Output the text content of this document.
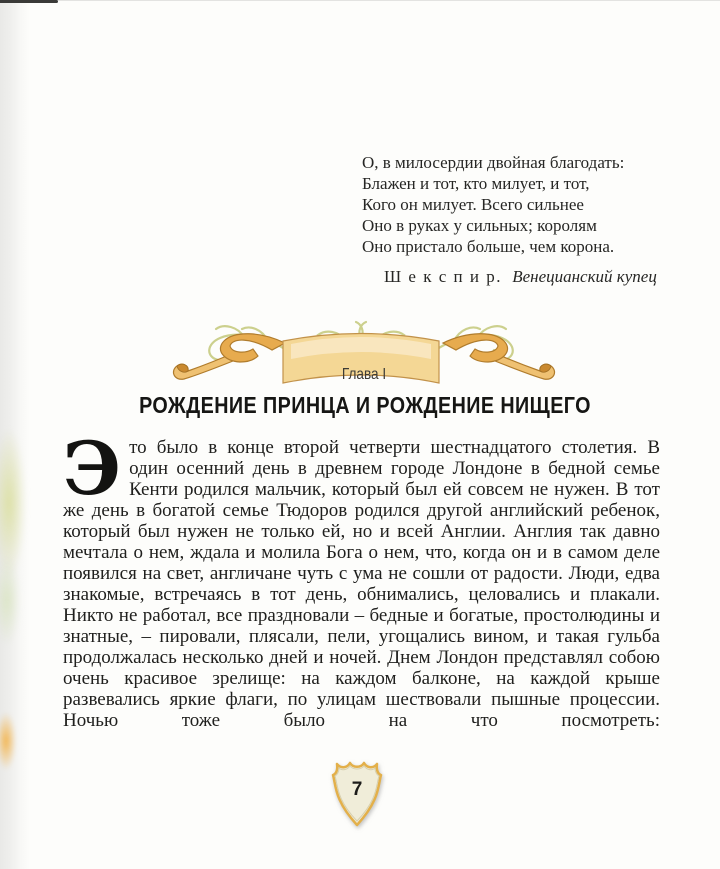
О, в милосердии двойная благодать:
Блажен и тот, кто милует, и тот,
Кого он милует. Всего сильнее
Оно в руках у сильных; королям
Оно пристало больше, чем корона.
Ш е к с п и р. Венецианский купец
Глава I
РОЖДЕНИЕ ПРИНЦА И РОЖДЕНИЕ НИЩЕГО
Это было в конце второй четверти шестнадцатого столетия. В один осенний день в древнем городе Лондоне в бедной семье Кенти родился мальчик, который был ей совсем не нужен. В тот же день в богатой семье Тюдоров родился другой английский ребенок, который был нужен не только ей, но и всей Англии. Англия так давно мечтала о нем, ждала и молила Бога о нем, что, когда он и в самом деле появился на свет, англичане чуть с ума не сошли от радости. Люди, едва знакомые, встречаясь в тот день, обнимались, целовались и плакали. Никто не работал, все праздновали – бедные и богатые, простолюдины и знатные, – пировали, плясали, пели, угощались вином, и такая гульба продолжалась несколько дней и ночей. Днем Лондон представлял собою очень красивое зрелище: на каждом балконе, на каждой крыше развевались яркие флаги, по улицам шествовали пышные процессии. Ночью тоже было на что посмотреть:
7
